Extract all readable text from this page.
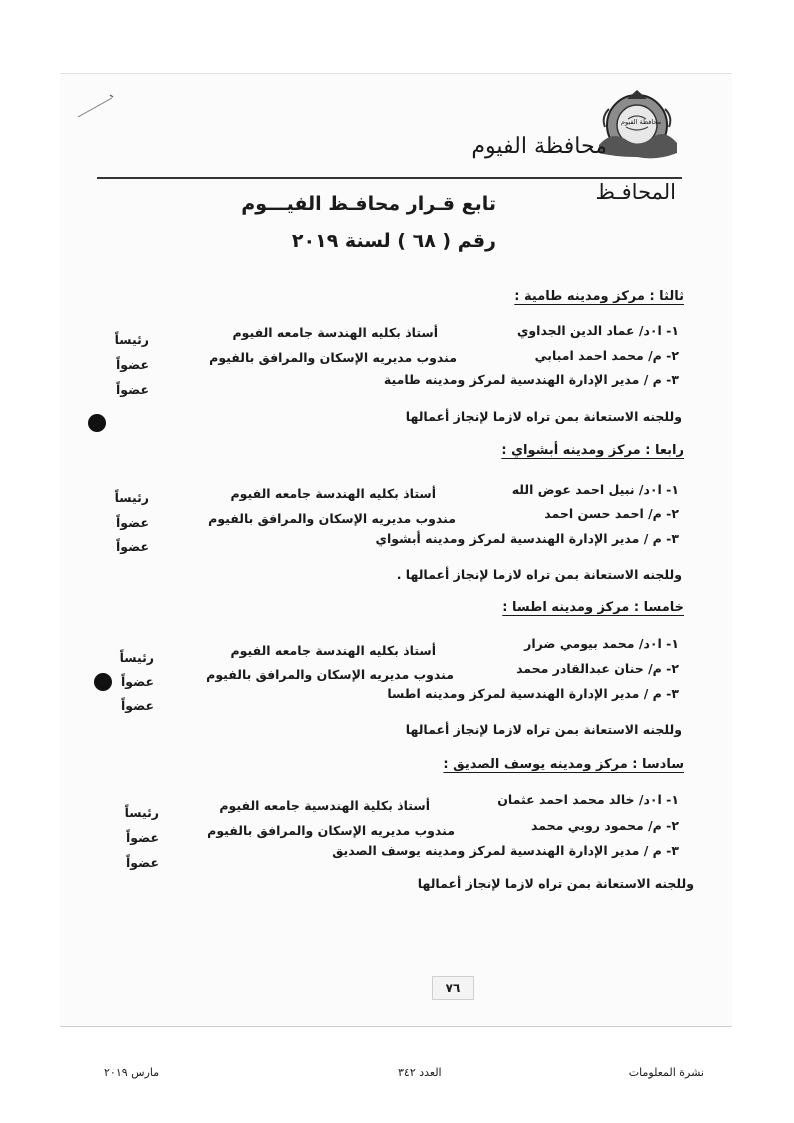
محافظة الفيوم
محافظة الفيوم
المحافـظ
تابع قـرار محافـظ الفيـــوم
رقم ( ٦٨ ) لسنة ٢٠١٩
ثالثا : مركز ومدينه طامية :
١- ا٠د/ عماد الدين الجداوي
أستاذ بكليه الهندسة جامعه الفيوم
٢- م/ محمد احمد امبابي
مندوب مديريه الإسكان والمرافق بالفيوم
٣- م / مدير الإدارة الهندسية لمركز ومدينه طامية
رئيساً
عضواً
عضواً
وللجنه الاستعانة بمن تراه لازما لإنجاز أعمالها
رابعا : مركز ومدينه أبشواي :
١- ا٠د/ نبيل احمد عوض الله
أستاذ بكليه الهندسة جامعه الفيوم
٢- م/ احمد حسن احمد
مندوب مديريه الإسكان والمرافق بالفيوم
٣- م / مدير الإدارة الهندسية لمركز ومدينه أبشواي
رئيساً
عضواً
عضواً
وللجنه الاستعانة بمن تراه لازما لإنجاز أعمالها .
خامسا : مركز ومدينه اطسا :
١- ا٠د/ محمد بيومي ضرار
أستاذ بكليه الهندسة جامعه الفيوم
٢- م/ حنان عبدالقادر محمد
مندوب مديريه الإسكان والمرافق بالفيوم
٣- م / مدير الإدارة الهندسية لمركز ومدينه اطسا
رئيساً
عضواً
عضواً
وللجنه الاستعانة بمن تراه لازما لإنجاز أعمالها
سادسا : مركز ومدينه يوسف الصديق :
١- ا٠د/ خالد محمد احمد عثمان
أستاذ بكلية الهندسية جامعه الفيوم
٢- م/ محمود روبي محمد
مندوب مديريه الإسكان والمرافق بالفيوم
٣- م / مدير الإدارة الهندسية لمركز ومدينه يوسف الصديق
رئيساً
عضواً
عضواً
وللجنه الاستعانة بمن تراه لازما لإنجاز أعمالها
٧٦
نشرة المعلومات
العدد ٣٤٢
مارس ٢٠١٩
